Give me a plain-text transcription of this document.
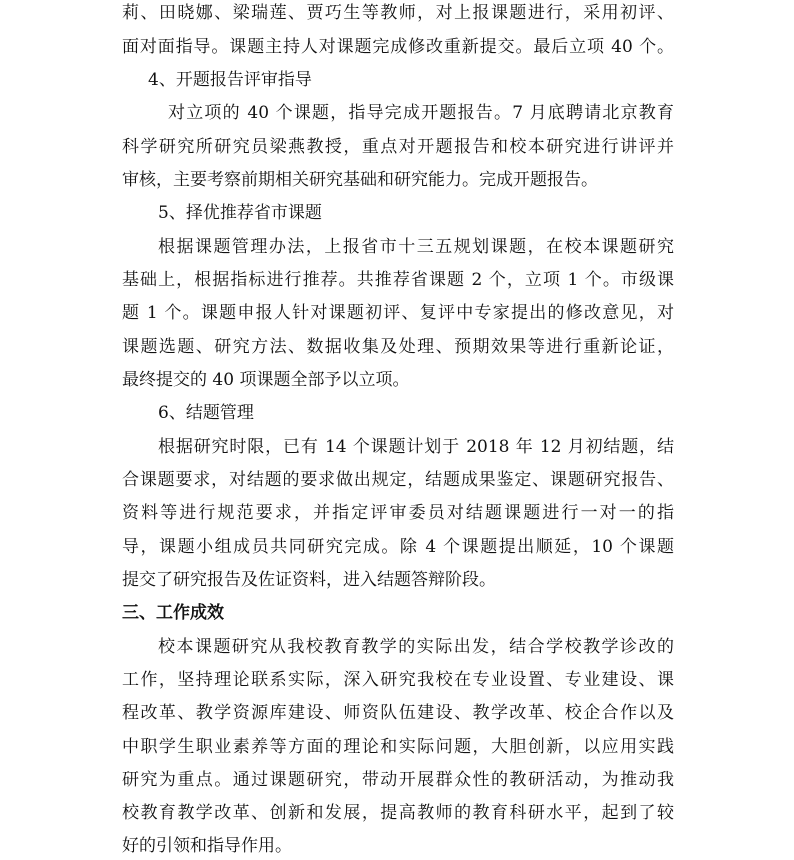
莉、田晓娜、梁瑞莲、贾巧生等教师，对上报课题进行，采用初评、
面对面指导。课题主持人对课题完成修改重新提交。最后立项 40 个。
4、开题报告评审指导
对立项的 40 个课题，指导完成开题报告。7 月底聘请北京教育
科学研究所研究员梁燕教授，重点对开题报告和校本研究进行讲评并
审核，主要考察前期相关研究基础和研究能力。完成开题报告。
5、择优推荐省市课题
根据课题管理办法，上报省市十三五规划课题，在校本课题研究
基础上，根据指标进行推荐。共推荐省课题 2 个，立项 1 个。市级课
题 1 个。课题申报人针对课题初评、复评中专家提出的修改意见，对
课题选题、研究方法、数据收集及处理、预期效果等进行重新论证，
最终提交的 40 项课题全部予以立项。
6、结题管理
根据研究时限，已有 14 个课题计划于 2018 年 12 月初结题，结
合课题要求，对结题的要求做出规定，结题成果鉴定、课题研究报告、
资料等进行规范要求，并指定评审委员对结题课题进行一对一的指
导，课题小组成员共同研究完成。除 4 个课题提出顺延，10 个课题
提交了研究报告及佐证资料，进入结题答辩阶段。
三、工作成效
校本课题研究从我校教育教学的实际出发，结合学校教学诊改的
工作，坚持理论联系实际，深入研究我校在专业设置、专业建设、课
程改革、教学资源库建设、师资队伍建设、教学改革、校企合作以及
中职学生职业素养等方面的理论和实际问题，大胆创新，以应用实践
研究为重点。通过课题研究，带动开展群众性的教研活动，为推动我
校教育教学改革、创新和发展，提高教师的教育科研水平，起到了较
好的引领和指导作用。
